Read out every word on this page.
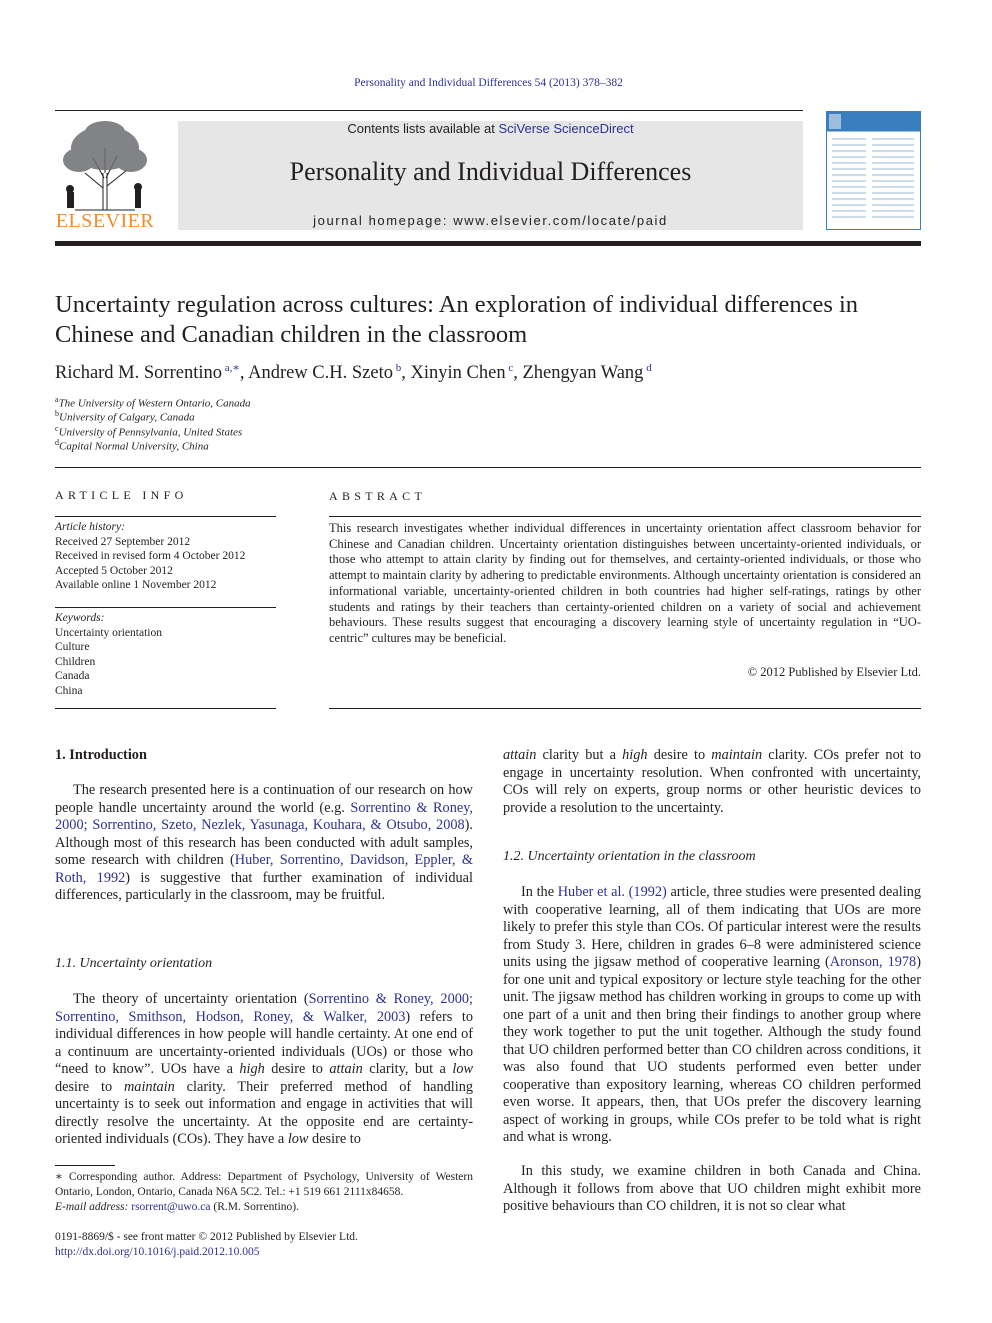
Personality and Individual Differences 54 (2013) 378–382
ELSEVIER
Contents lists available at SciVerse ScienceDirect
Personality and Individual Differences
journal homepage: www.elsevier.com/locate/paid
Uncertainty regulation across cultures: An exploration of individual differences in Chinese and Canadian children in the classroom
Richard M. Sorrentino $^{a,∗}$, Andrew C.H. Szeto $^b$, Xinyin Chen $^c$, Zhengyan Wang $^d$
$^a$The University of Western Ontario, Canada
$^b$University of Calgary, Canada
$^c$University of Pennsylvania, United States
$^d$Capital Normal University, China
ARTICLE INFO
Article history:
Received 27 September 2012
Received in revised form 4 October 2012
Accepted 5 October 2012
Available online 1 November 2012
Keywords:
Uncertainty orientation
Culture
Children
Canada
China
ABSTRACT
This research investigates whether individual differences in uncertainty orientation affect classroom behavior for Chinese and Canadian children. Uncertainty orientation distinguishes between uncertainty-oriented individuals, or those who attempt to attain clarity by finding out for themselves, and certainty-oriented individuals, or those who attempt to maintain clarity by adhering to predictable environments. Although uncertainty orientation is considered an informational variable, uncertainty-oriented children in both countries had higher self-ratings, ratings by other students and ratings by their teachers than certainty-oriented children on a variety of social and achievement behaviours. These results suggest that encouraging a discovery learning style of uncertainty regulation in “UO-centric” cultures may be beneficial.
© 2012 Published by Elsevier Ltd.
1. Introduction
The research presented here is a continuation of our research on how people handle uncertainty around the world (e.g. Sorrentino & Roney, 2000; Sorrentino, Szeto, Nezlek, Yasunaga, Kouhara, & Otsubo, 2008). Although most of this research has been conducted with adult samples, some research with children (Huber, Sorrentino, Davidson, Eppler, & Roth, 1992) is suggestive that further examination of individual differences, particularly in the classroom, may be fruitful.
1.1. Uncertainty orientation
The theory of uncertainty orientation (Sorrentino & Roney, 2000; Sorrentino, Smithson, Hodson, Roney, & Walker, 2003) refers to individual differences in how people will handle certainty. At one end of a continuum are uncertainty-oriented individuals (UOs) or those who “need to know”. UOs have a high desire to attain clarity, but a low desire to maintain clarity. Their preferred method of handling uncertainty is to seek out information and engage in activities that will directly resolve the uncertainty. At the opposite end are certainty-oriented individuals (COs). They have a low desire to
∗ Corresponding author. Address: Department of Psychology, University of Western Ontario, London, Ontario, Canada N6A 5C2. Tel.: +1 519 661 2111x84658.
E-mail address: rsorrent@uwo.ca (R.M. Sorrentino).
0191-8869/$ - see front matter © 2012 Published by Elsevier Ltd.
http://dx.doi.org/10.1016/j.paid.2012.10.005
attain clarity but a high desire to maintain clarity. COs prefer not to engage in uncertainty resolution. When confronted with uncertainty, COs will rely on experts, group norms or other heuristic devices to provide a resolution to the uncertainty.
1.2. Uncertainty orientation in the classroom
In the Huber et al. (1992) article, three studies were presented dealing with cooperative learning, all of them indicating that UOs are more likely to prefer this style than COs. Of particular interest were the results from Study 3. Here, children in grades 6–8 were administered science units using the jigsaw method of cooperative learning (Aronson, 1978) for one unit and typical expository or lecture style teaching for the other unit. The jigsaw method has children working in groups to come up with one part of a unit and then bring their findings to another group where they work together to put the unit together. Although the study found that UO children performed better than CO children across conditions, it was also found that UO students performed even better under cooperative than expository learning, whereas CO children performed even worse. It appears, then, that UOs prefer the discovery learning aspect of working in groups, while COs prefer to be told what is right and what is wrong.
In this study, we examine children in both Canada and China. Although it follows from above that UO children might exhibit more positive behaviours than CO children, it is not so clear what
